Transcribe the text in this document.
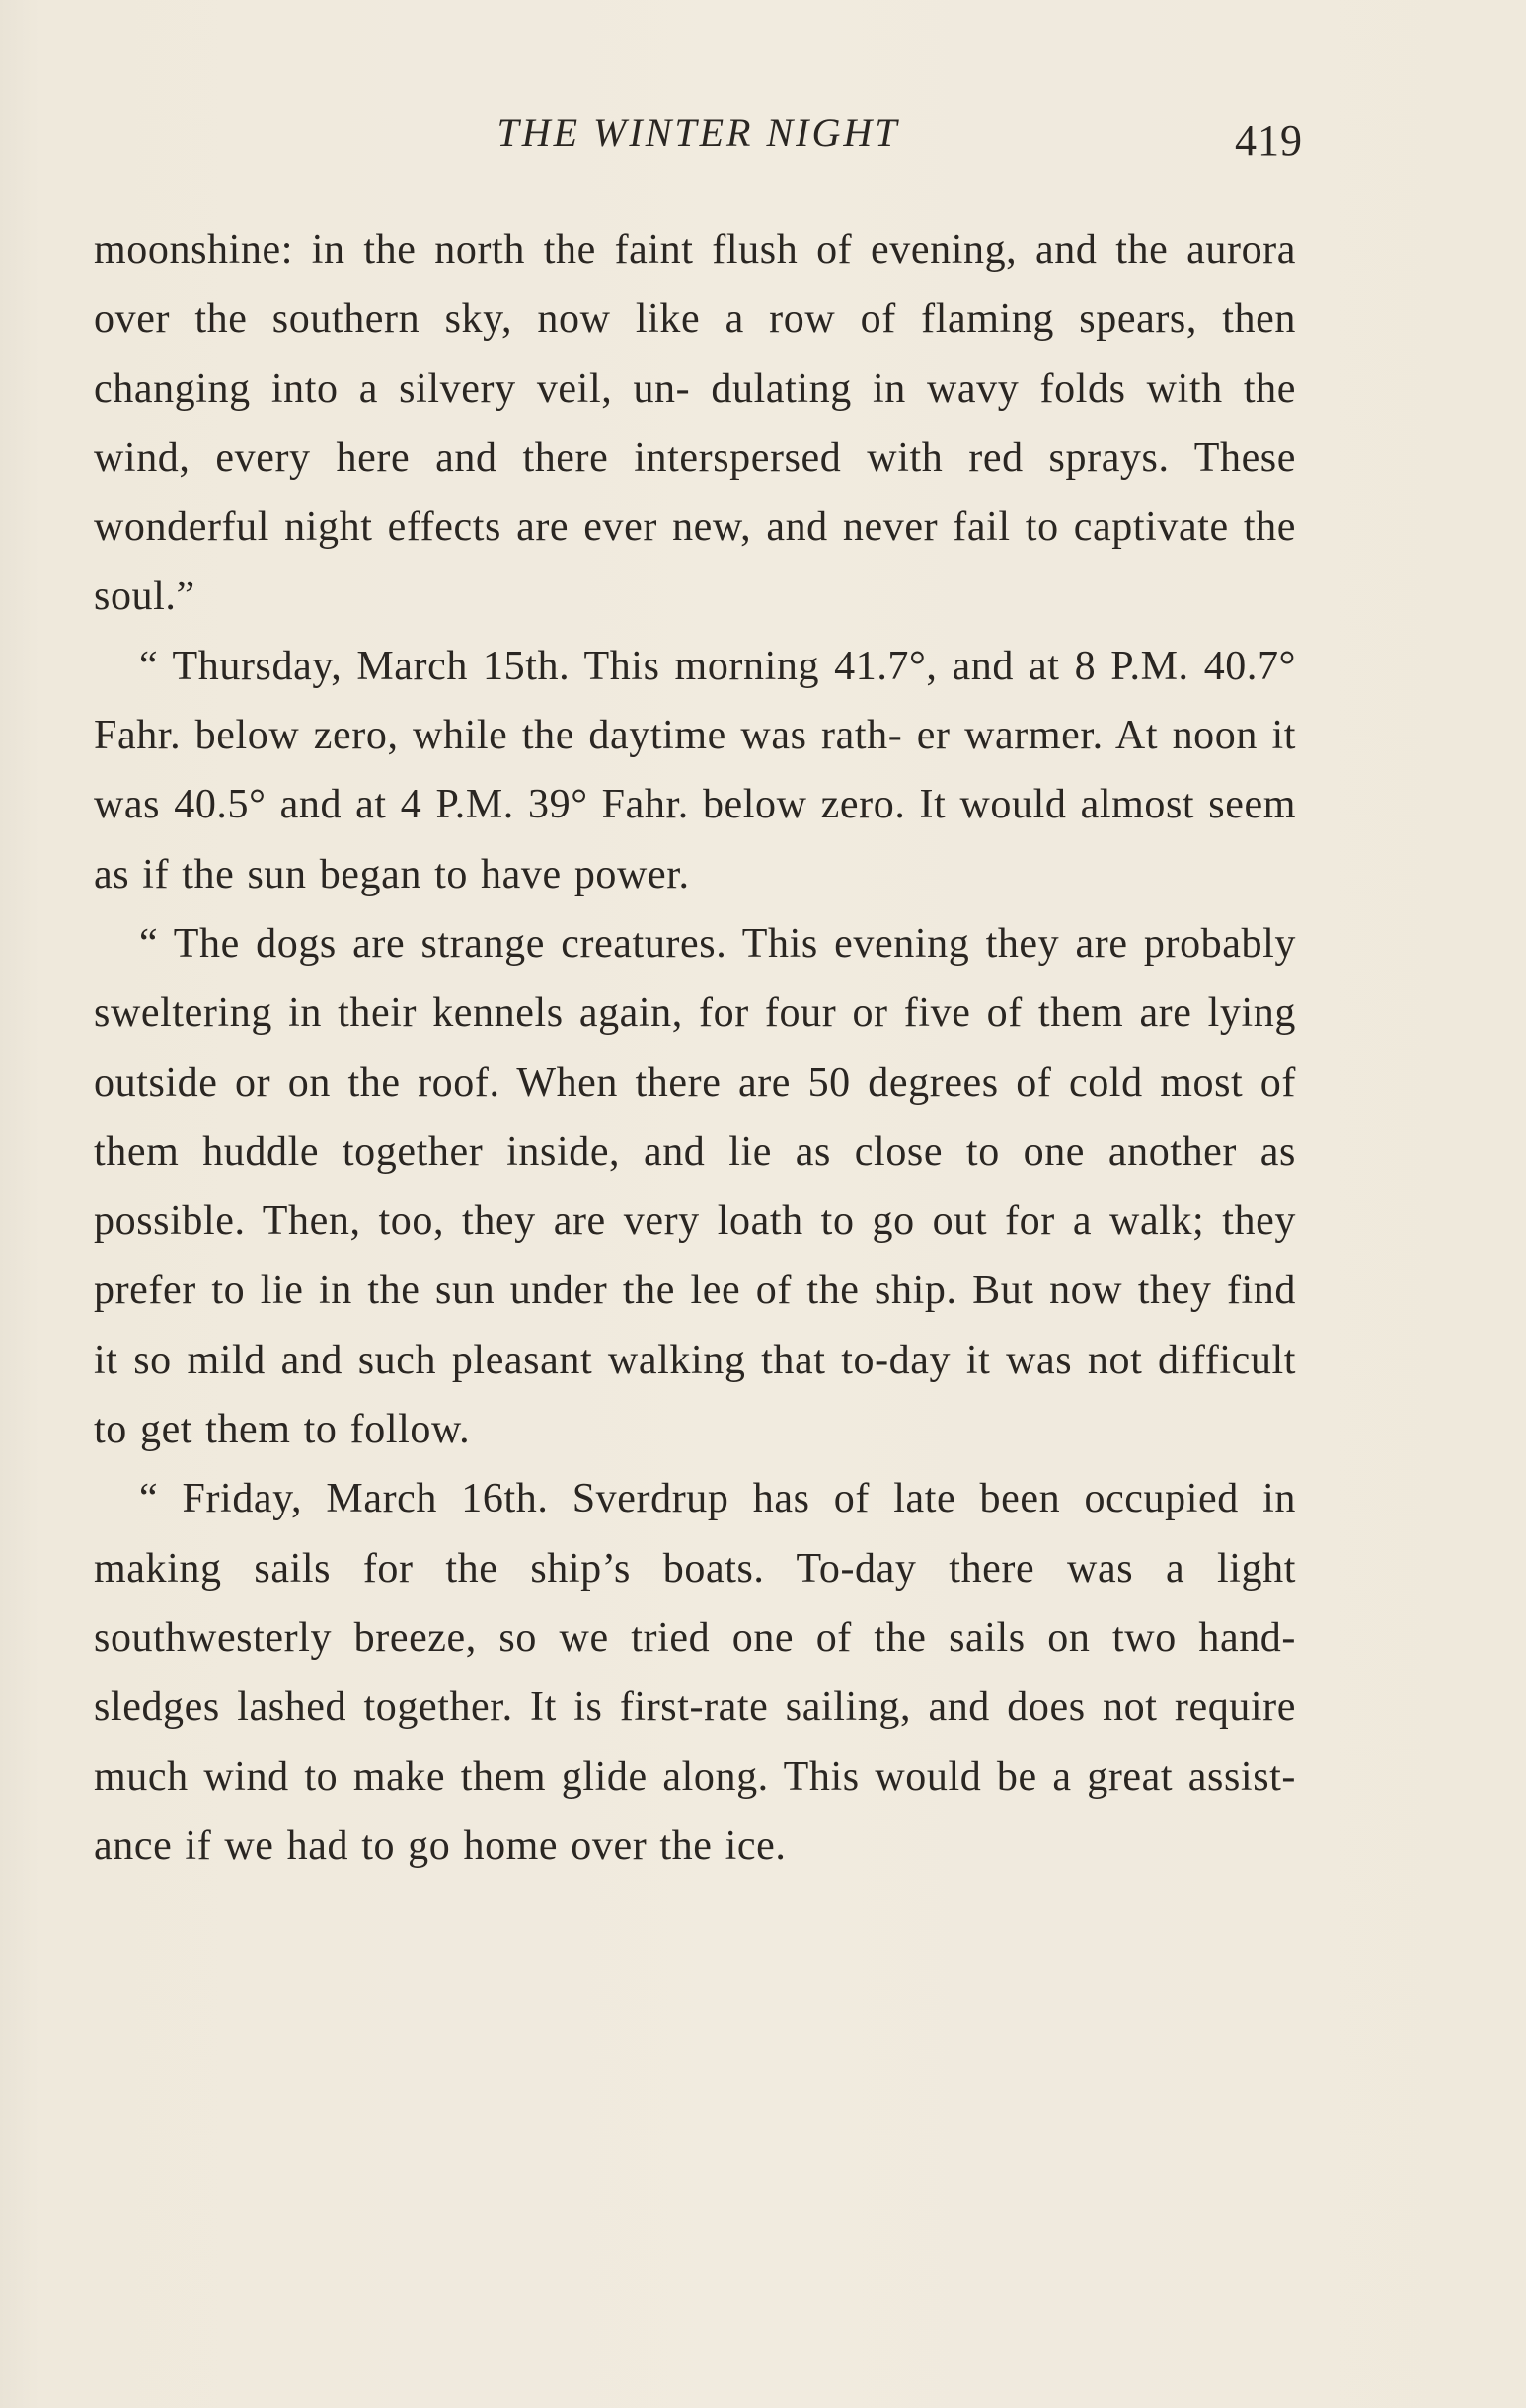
THE WINTER NIGHT	419

moonshine: in the north the faint flush of evening, and the aurora over the southern sky, now like a row of flaming spears, then changing into a silvery veil, un- dulating in wavy folds with the wind, every here and there interspersed with red sprays. These wonderful night effects are ever new, and never fail to captivate the soul.”

“ Thursday, March 15th. This morning 41.7°, and at 8 P.M. 40.7° Fahr. below zero, while the daytime was rath- er warmer. At noon it was 40.5° and at 4 P.M. 39° Fahr. below zero. It would almost seem as if the sun began to have power.

“ The dogs are strange creatures. This evening they are probably sweltering in their kennels again, for four or five of them are lying outside or on the roof. When there are 50 degrees of cold most of them huddle together inside, and lie as close to one another as possible. Then, too, they are very loath to go out for a walk; they prefer to lie in the sun under the lee of the ship. But now they find it so mild and such pleasant walking that to-day it was not difficult to get them to follow.

“ Friday, March 16th. Sverdrup has of late been occupied in making sails for the ship’s boats. To-day there was a light southwesterly breeze, so we tried one of the sails on two hand-sledges lashed together. It is first-rate sailing, and does not require much wind to make them glide along. This would be a great assist- ance if we had to go home over the ice.
